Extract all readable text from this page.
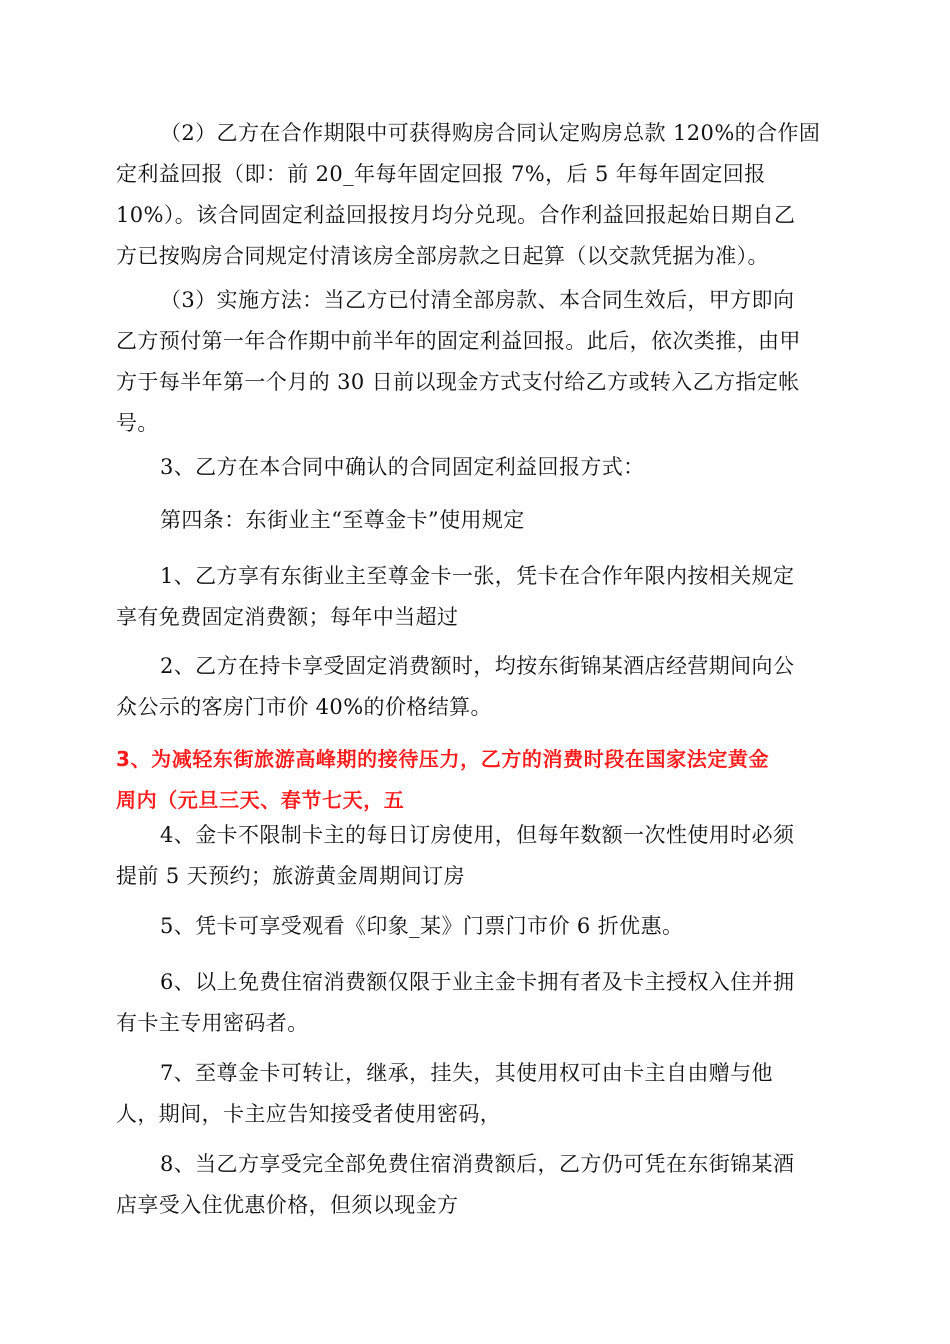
（2）乙方在合作期限中可获得购房合同认定购房总款 120%的合作固
定利益回报（即：前 20_年每年固定回报 7%，后 5 年每年固定回报
10%）。该合同固定利益回报按月均分兑现。合作利益回报起始日期自乙
方已按购房合同规定付清该房全部房款之日起算（以交款凭据为准）。

（3）实施方法：当乙方已付清全部房款、本合同生效后，甲方即向
乙方预付第一年合作期中前半年的固定利益回报。此后，依次类推，由甲
方于每半年第一个月的 30 日前以现金方式支付给乙方或转入乙方指定帐
号。

3、乙方在本合同中确认的合同固定利益回报方式：

第四条：东街业主“至尊金卡”使用规定

1、乙方享有东街业主至尊金卡一张，凭卡在合作年限内按相关规定
享有免费固定消费额；每年中当超过

2、乙方在持卡享受固定消费额时，均按东街锦某酒店经营期间向公
众公示的客房门市价 40%的价格结算。

3、为减轻东街旅游高峰期的接待压力，乙方的消费时段在国家法定黄金
周内（元旦三天、春节七天，五

4、金卡不限制卡主的每日订房使用，但每年数额一次性使用时必须
提前 5 天预约；旅游黄金周期间订房

5、凭卡可享受观看《印象_某》门票门市价 6 折优惠。

6、以上免费住宿消费额仅限于业主金卡拥有者及卡主授权入住并拥
有卡主专用密码者。

7、至尊金卡可转让，继承，挂失，其使用权可由卡主自由赠与他
人，期间，卡主应告知接受者使用密码，

8、当乙方享受完全部免费住宿消费额后，乙方仍可凭在东街锦某酒
店享受入住优惠价格，但须以现金方
